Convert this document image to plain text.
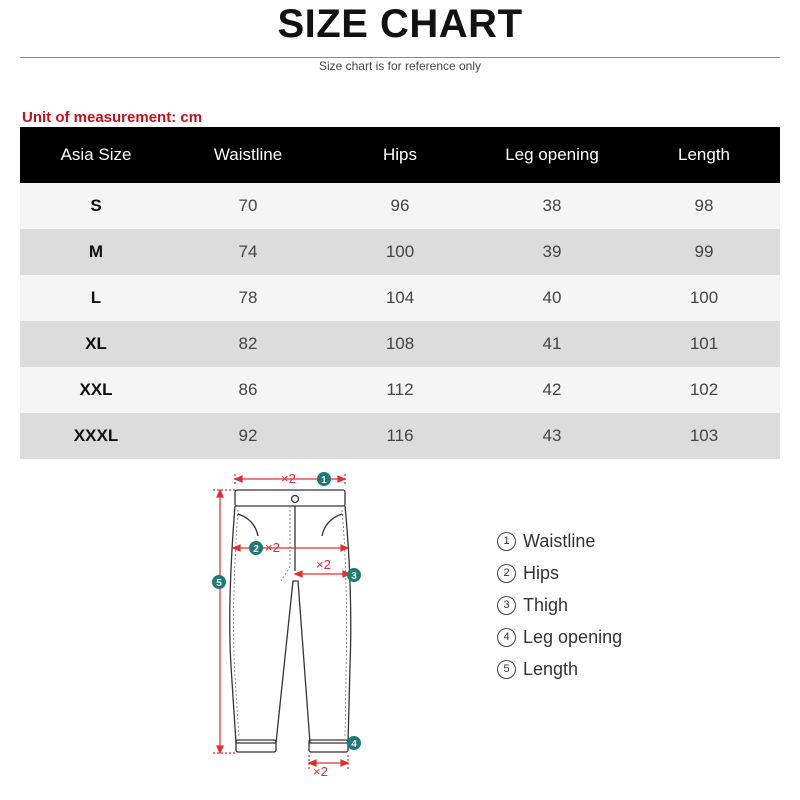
SIZE CHART
Size chart is for reference only
Unit of measurement: cm
Asia Size	Waistline	Hips	Leg opening	Length
S	70	96	38	98
M	74	100	39	99
L	78	104	40	100
XL	82	108	41	101
XXL	86	112	42	102
XXXL	92	116	43	103
×2
×2
×2
×2
1
2
3
4
5
1 Waistline
2 Hips
3 Thigh
4 Leg opening
5 Length
